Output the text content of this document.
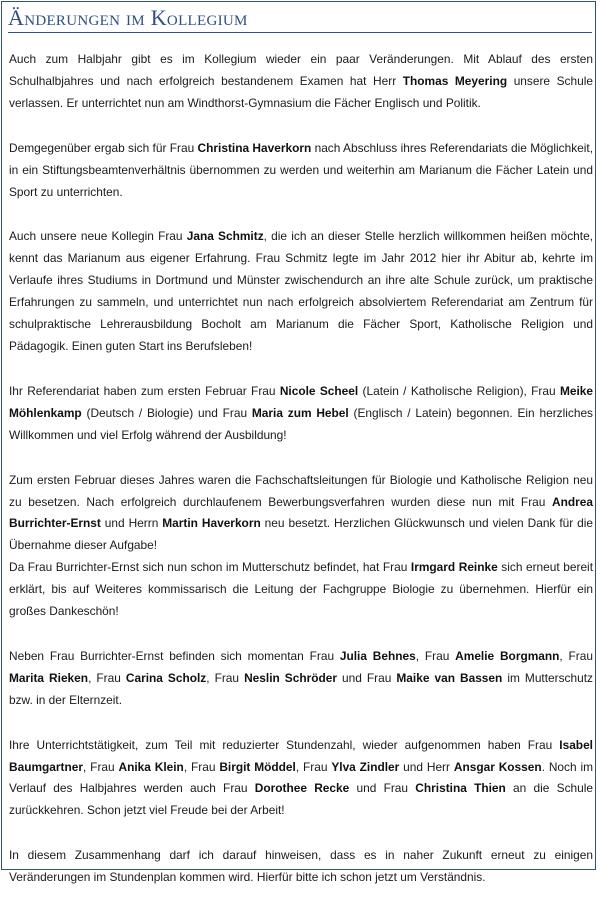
Änderungen im Kollegium

Auch zum Halbjahr gibt es im Kollegium wieder ein paar Veränderungen. Mit Ablauf des ersten Schulhalbjahres und nach erfolgreich bestandenem Examen hat Herr Thomas Meyering unsere Schule verlassen. Er unterrichtet nun am Windthorst-Gymnasium die Fächer Englisch und Politik.

Demgegenüber ergab sich für Frau Christina Haverkorn nach Abschluss ihres Referendariats die Möglichkeit, in ein Stiftungsbeamtenverhältnis übernommen zu werden und weiterhin am Marianum die Fächer Latein und Sport zu unterrichten.

Auch unsere neue Kollegin Frau Jana Schmitz, die ich an dieser Stelle herzlich willkommen heißen möchte, kennt das Marianum aus eigener Erfahrung. Frau Schmitz legte im Jahr 2012 hier ihr Abitur ab, kehrte im Verlaufe ihres Studiums in Dortmund und Münster zwischendurch an ihre alte Schule zurück, um praktische Erfahrungen zu sammeln, und unterrichtet nun nach erfolgreich absolviertem Referendariat am Zentrum für schulpraktische Lehrerausbildung Bocholt am Marianum die Fächer Sport, Katholische Religion und Pädagogik. Einen guten Start ins Berufsleben!

Ihr Referendariat haben zum ersten Februar Frau Nicole Scheel (Latein / Katholische Religion), Frau Meike Möhlenkamp (Deutsch / Biologie) und Frau Maria zum Hebel (Englisch / Latein) begonnen. Ein herzliches Willkommen und viel Erfolg während der Ausbildung!

Zum ersten Februar dieses Jahres waren die Fachschaftsleitungen für Biologie und Katholische Religion neu zu besetzen. Nach erfolgreich durchlaufenem Bewerbungsverfahren wurden diese nun mit Frau Andrea Burrichter-Ernst und Herrn Martin Haverkorn neu besetzt. Herzlichen Glückwunsch und vielen Dank für die Übernahme dieser Aufgabe!

Da Frau Burrichter-Ernst sich nun schon im Mutterschutz befindet, hat Frau Irmgard Reinke sich erneut bereit erklärt, bis auf Weiteres kommissarisch die Leitung der Fachgruppe Biologie zu übernehmen. Hierfür ein großes Dankeschön!

Neben Frau Burrichter-Ernst befinden sich momentan Frau Julia Behnes, Frau Amelie Borgmann, Frau Marita Rieken, Frau Carina Scholz, Frau Neslin Schröder und Frau Maike van Bassen im Mutterschutz bzw. in der Elternzeit.

Ihre Unterrichtstätigkeit, zum Teil mit reduzierter Stundenzahl, wieder aufgenommen haben Frau Isabel Baumgartner, Frau Anika Klein, Frau Birgit Möddel, Frau Ylva Zindler und Herr Ansgar Kossen. Noch im Verlauf des Halbjahres werden auch Frau Dorothee Recke und Frau Christina Thien an die Schule zurückkehren. Schon jetzt viel Freude bei der Arbeit!

In diesem Zusammenhang darf ich darauf hinweisen, dass es in naher Zukunft erneut zu einigen Veränderungen im Stundenplan kommen wird. Hierfür bitte ich schon jetzt um Verständnis.
